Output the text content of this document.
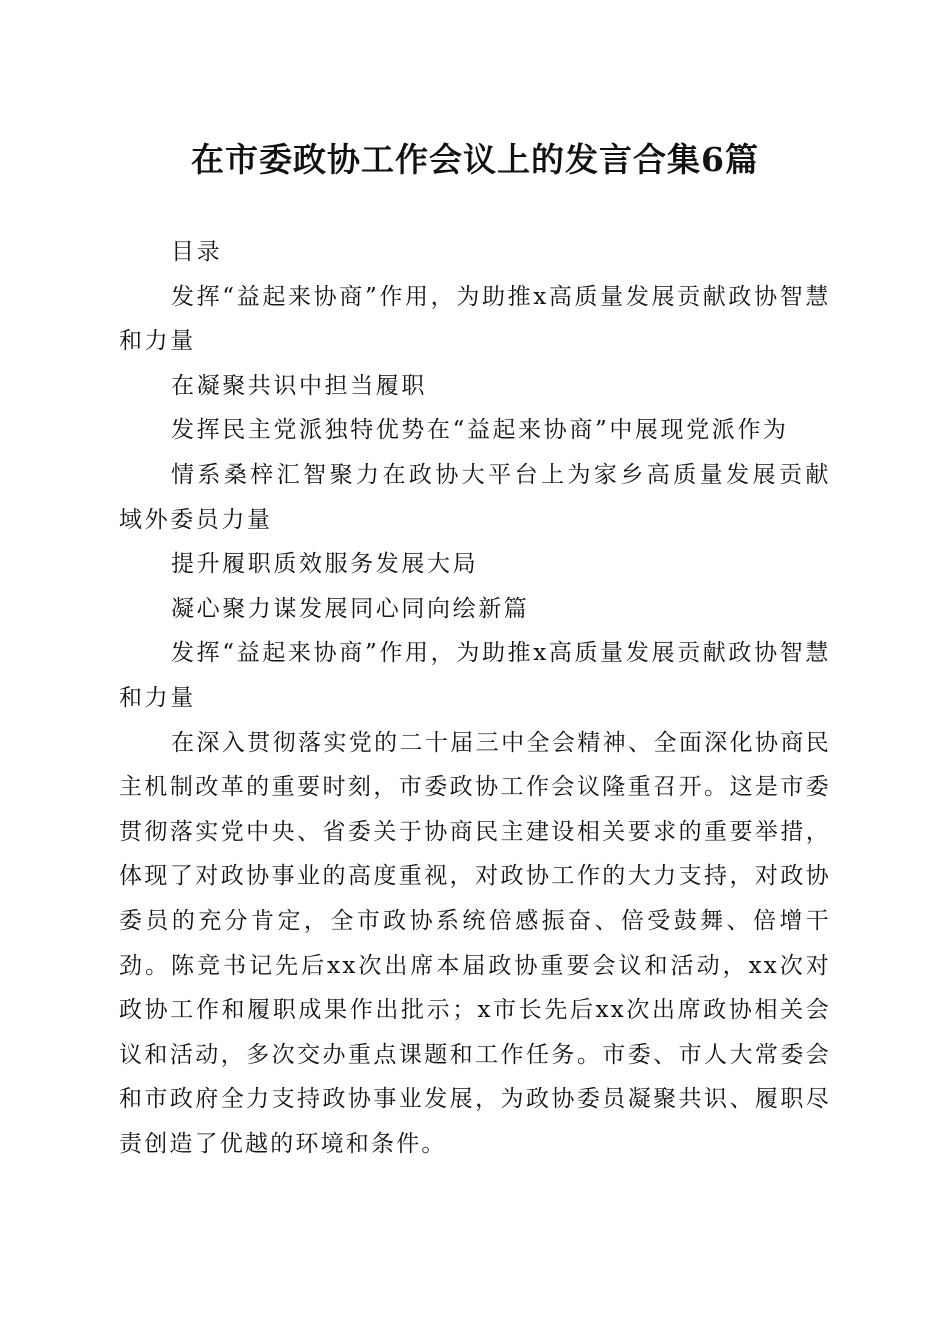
在市委政协工作会议上的发言合集6篇

目录

发挥“益起来协商”作用，为助推x高质量发展贡献政协智慧和力量

在凝聚共识中担当履职

发挥民主党派独特优势在“益起来协商”中展现党派作为

情系桑梓汇智聚力在政协大平台上为家乡高质量发展贡献域外委员力量

提升履职质效服务发展大局

凝心聚力谋发展同心同向绘新篇

发挥“益起来协商”作用，为助推x高质量发展贡献政协智慧和力量

在深入贯彻落实党的二十届三中全会精神、全面深化协商民主机制改革的重要时刻，市委政协工作会议隆重召开。这是市委贯彻落实党中央、省委关于协商民主建设相关要求的重要举措，体现了对政协事业的高度重视，对政协工作的大力支持，对政协委员的充分肯定，全市政协系统倍感振奋、倍受鼓舞、倍增干劲。陈竞书记先后xx次出席本届政协重要会议和活动，xx次对政协工作和履职成果作出批示；x市长先后xx次出席政协相关会议和活动，多次交办重点课题和工作任务。市委、市人大常委会和市政府全力支持政协事业发展，为政协委员凝聚共识、履职尽责创造了优越的环境和条件。
